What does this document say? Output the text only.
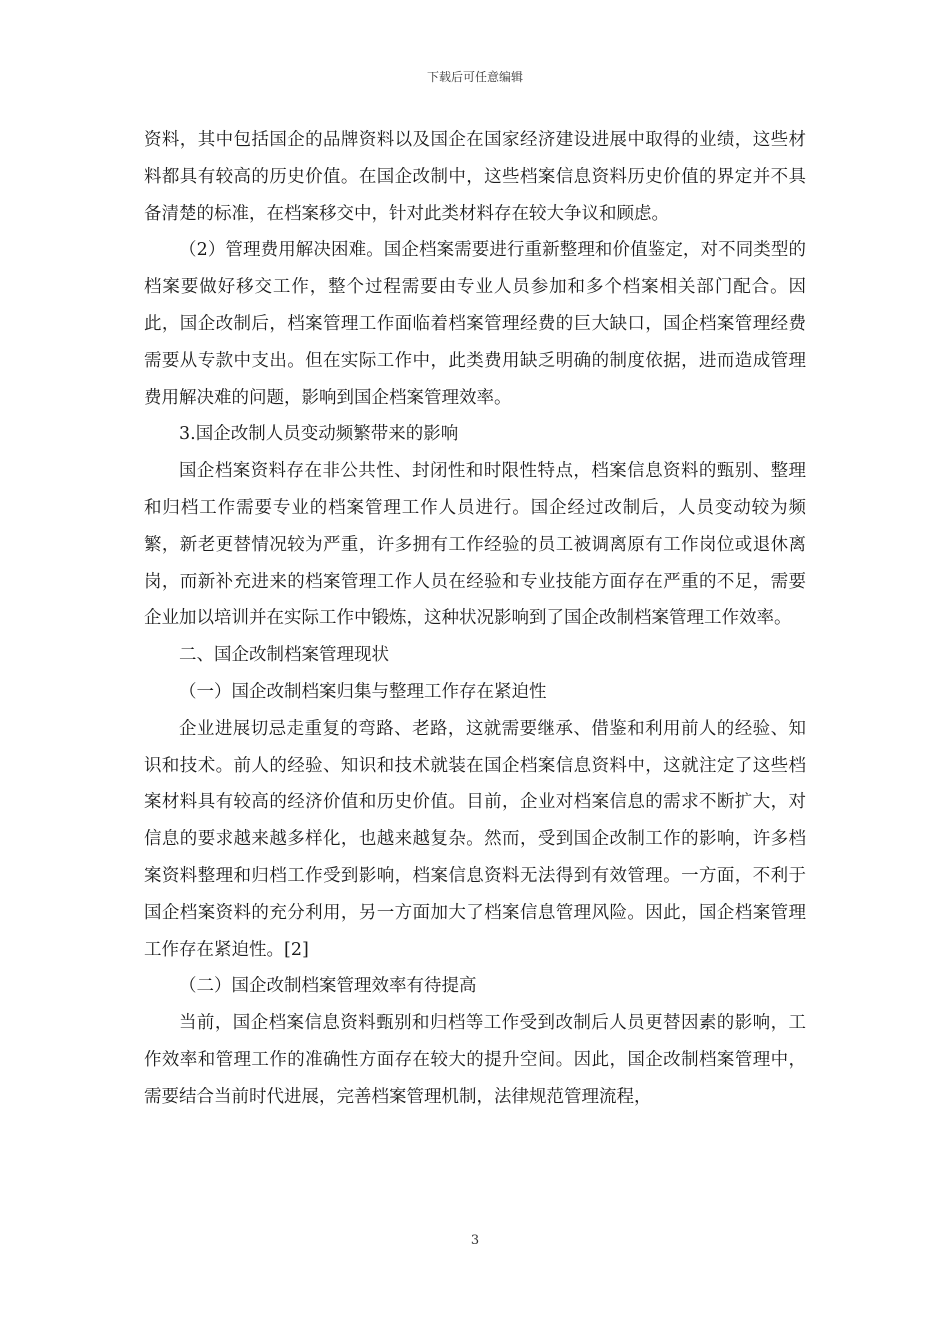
下载后可任意编辑

资料，其中包括国企的品牌资料以及国企在国家经济建设进展中取得的业绩，这些材料都具有较高的历史价值。在国企改制中，这些档案信息资料历史价值的界定并不具备清楚的标准，在档案移交中，针对此类材料存在较大争议和顾虑。

（2）管理费用解决困难。国企档案需要进行重新整理和价值鉴定，对不同类型的档案要做好移交工作，整个过程需要由专业人员参加和多个档案相关部门配合。因此，国企改制后，档案管理工作面临着档案管理经费的巨大缺口，国企档案管理经费需要从专款中支出。但在实际工作中，此类费用缺乏明确的制度依据，进而造成管理费用解决难的问题，影响到国企档案管理效率。

3.国企改制人员变动频繁带来的影响

国企档案资料存在非公共性、封闭性和时限性特点，档案信息资料的甄别、整理和归档工作需要专业的档案管理工作人员进行。国企经过改制后，人员变动较为频繁，新老更替情况较为严重，许多拥有工作经验的员工被调离原有工作岗位或退休离岗，而新补充进来的档案管理工作人员在经验和专业技能方面存在严重的不足，需要企业加以培训并在实际工作中锻炼，这种状况影响到了国企改制档案管理工作效率。

二、国企改制档案管理现状

（一）国企改制档案归集与整理工作存在紧迫性

企业进展切忌走重复的弯路、老路，这就需要继承、借鉴和利用前人的经验、知识和技术。前人的经验、知识和技术就装在国企档案信息资料中，这就注定了这些档案材料具有较高的经济价值和历史价值。目前，企业对档案信息的需求不断扩大，对信息的要求越来越多样化，也越来越复杂。然而，受到国企改制工作的影响，许多档案资料整理和归档工作受到影响，档案信息资料无法得到有效管理。一方面，不利于国企档案资料的充分利用，另一方面加大了档案信息管理风险。因此，国企档案管理工作存在紧迫性。[2]

（二）国企改制档案管理效率有待提高

当前，国企档案信息资料甄别和归档等工作受到改制后人员更替因素的影响，工作效率和管理工作的准确性方面存在较大的提升空间。因此，国企改制档案管理中，需要结合当前时代进展，完善档案管理机制，法律规范管理流程，

3
